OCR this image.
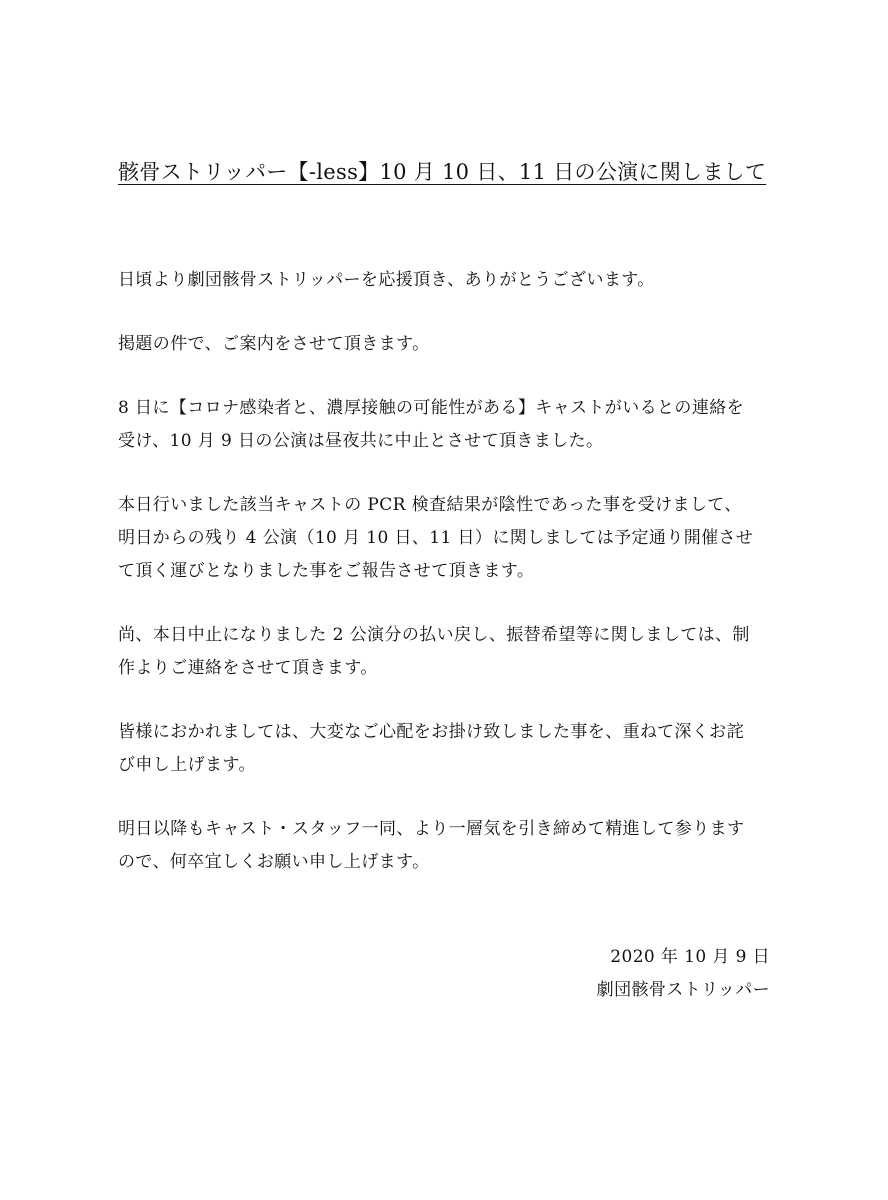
骸骨ストリッパー【-less】10 月 10 日、11 日の公演に関しまして

日頃より劇団骸骨ストリッパーを応援頂き、ありがとうございます。

掲題の件で、ご案内をさせて頂きます。

8 日に【コロナ感染者と、濃厚接触の可能性がある】キャストがいるとの連絡を
受け、10 月 9 日の公演は昼夜共に中止とさせて頂きました。

本日行いました該当キャストの PCR 検査結果が陰性であった事を受けまして、
明日からの残り 4 公演（10 月 10 日、11 日）に関しましては予定通り開催させ
て頂く運びとなりました事をご報告させて頂きます。

尚、本日中止になりました 2 公演分の払い戻し、振替希望等に関しましては、制
作よりご連絡をさせて頂きます。

皆様におかれましては、大変なご心配をお掛け致しました事を、重ねて深くお詫
び申し上げます。

明日以降もキャスト・スタッフ一同、より一層気を引き締めて精進して参ります
ので、何卒宜しくお願い申し上げます。

2020 年 10 月 9 日
劇団骸骨ストリッパー
